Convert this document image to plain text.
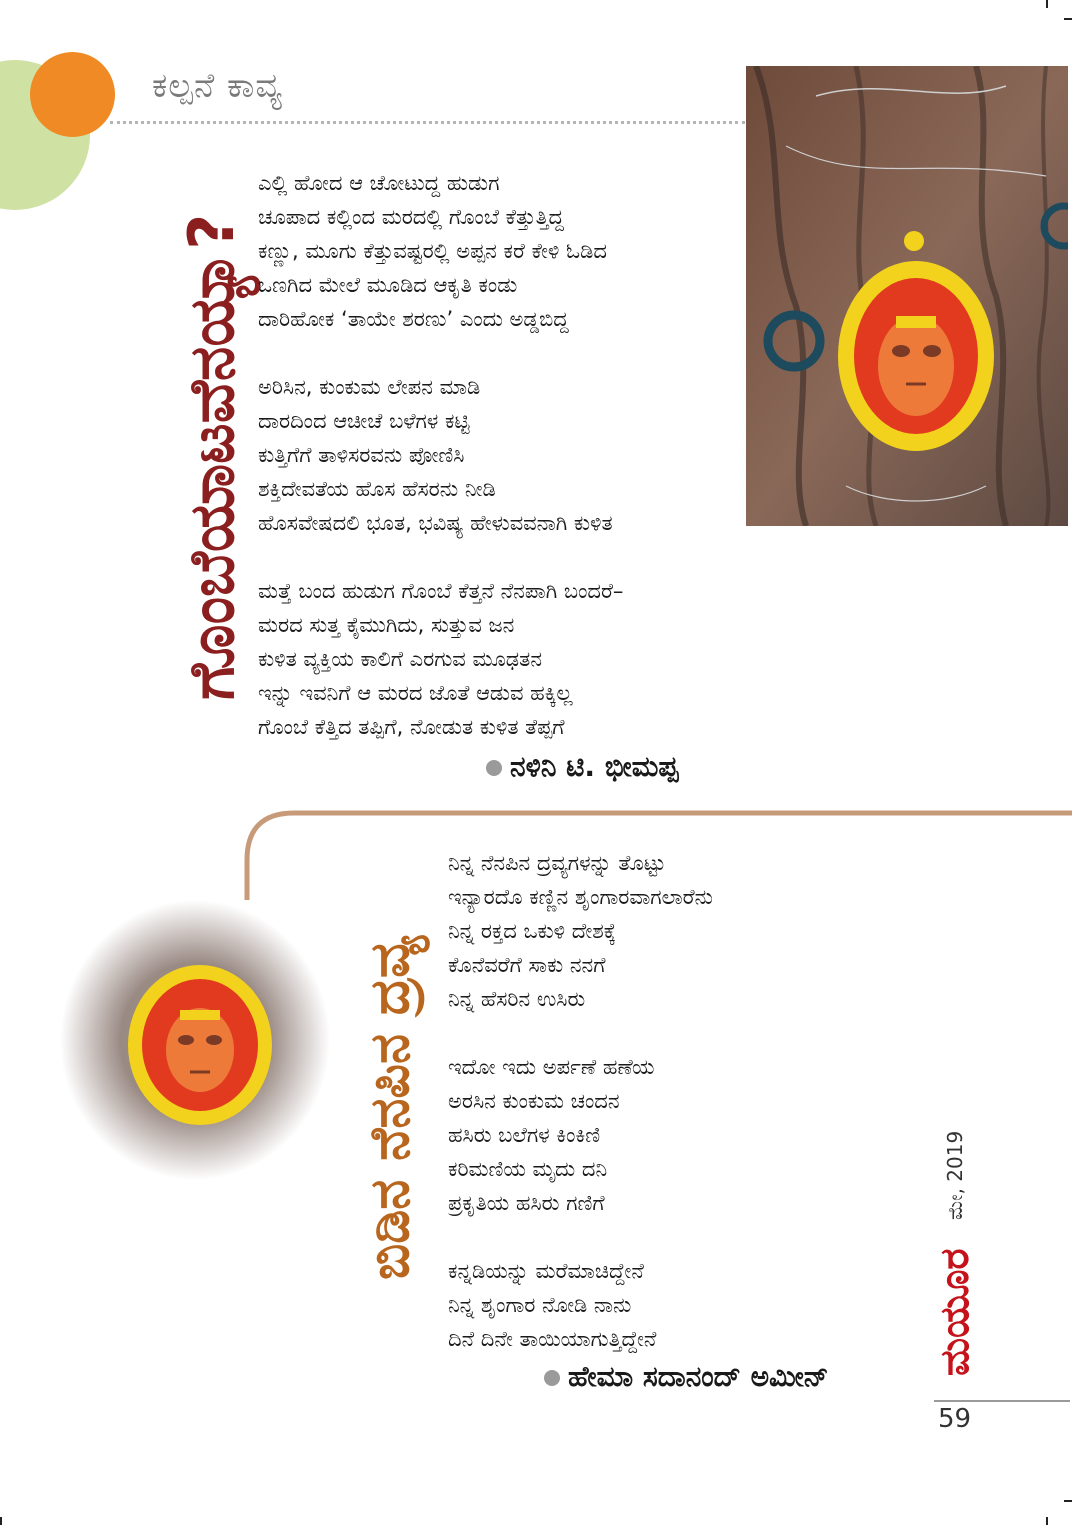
ಕಲ್ಪನೆ ಕಾವ್ಯ
ಗೊಂಬೆಯಾಟವೆನಯ್ಯಾ?
ಎಲ್ಲಿ ಹೋದ ಆ ಚೋಟುದ್ದ ಹುಡುಗ
ಚೂಪಾದ ಕಲ್ಲಿಂದ ಮರದಲ್ಲಿ ಗೊಂಬೆ ಕೆತ್ತುತ್ತಿದ್ದ
ಕಣ್ಣು, ಮೂಗು ಕೆತ್ತುವಷ್ಟರಲ್ಲಿ ಅಪ್ಪನ ಕರೆ ಕೇಳಿ ಓಡಿದ
ಒಣಗಿದ ಮೇಲೆ ಮೂಡಿದ ಆಕೃತಿ ಕಂಡು
ದಾರಿಹೋಕ ‘ತಾಯೇ ಶರಣು’ ಎಂದು ಅಡ್ಡಬಿದ್ದ
ಅರಿಸಿನ, ಕುಂಕುಮ ಲೇಪನ ಮಾಡಿ
ದಾರದಿಂದ ಆಚೀಚೆ ಬಳೆಗಳ ಕಟ್ಟಿ
ಕುತ್ತಿಗೆಗೆ ತಾಳಿಸರವನು ಪೋಣಿಸಿ
ಶಕ್ತಿದೇವತೆಯ ಹೊಸ ಹೆಸರನು ನೀಡಿ
ಹೊಸವೇಷದಲಿ ಭೂತ, ಭವಿಷ್ಯ ಹೇಳುವವನಾಗಿ ಕುಳಿತ
ಮತ್ತೆ ಬಂದ ಹುಡುಗ ಗೊಂಬೆ ಕೆತ್ತನೆ ನೆನಪಾಗಿ ಬಂದರೆ–
ಮರದ ಸುತ್ತ ಕೈಮುಗಿದು, ಸುತ್ತುವ ಜನ
ಕುಳಿತ ವ್ಯಕ್ತಿಯ ಕಾಲಿಗೆ ಎರಗುವ ಮೂಢತನ
ಇನ್ನು ಇವನಿಗೆ ಆ ಮರದ ಜೊತೆ ಆಡುವ ಹಕ್ಕಿಲ್ಲ
ಗೊಂಬೆ ಕೆತ್ತಿದ ತಪ್ಪಿಗೆ, ನೋಡುತ ಕುಳಿತ ತೆಪ್ಪಗೆ
ನಳಿನಿ ಟಿ. ಭೀಮಪ್ಪ
ಬಿಡಿನ ನೆನಪಿನ ದ್ರವ್ಯ
ನಿನ್ನ ನೆನಪಿನ ದ್ರವ್ಯಗಳನ್ನು ತೊಟ್ಟು
ಇನ್ಯಾರದೊ ಕಣ್ಣಿನ ಶೃಂಗಾರವಾಗಲಾರೆನು
ನಿನ್ನ ರಕ್ತದ ಒಕುಳಿ ದೇಶಕ್ಕೆ
ಕೊನೆವರೆಗೆ ಸಾಕು ನನಗೆ
ನಿನ್ನ ಹೆಸರಿನ ಉಸಿರು
ಇದೋ ಇದು ಅರ್ಪಣೆ ಹಣೆಯ
ಅರಸಿನ ಕುಂಕುಮ ಚಂದನ
ಹಸಿರು ಬಲೆಗಳ ಕಿಂಕಿಣಿ
ಕರಿಮಣಿಯ ಮೃದು ದನಿ
ಪ್ರಕೃತಿಯ ಹಸಿರು ಗಣಿಗೆ
ಕನ್ನಡಿಯನ್ನು ಮರೆಮಾಚಿದ್ದೇನೆ
ನಿನ್ನ ಶೃಂಗಾರ ನೋಡಿ ನಾನು
ದಿನೆ ದಿನೇ ತಾಯಿಯಾಗುತ್ತಿದ್ದೇನೆ
ಹೇಮಾ ಸದಾನಂದ್ ಅಮೀನ್
ಮೇ, 2019
ಮಯೂರ
59
